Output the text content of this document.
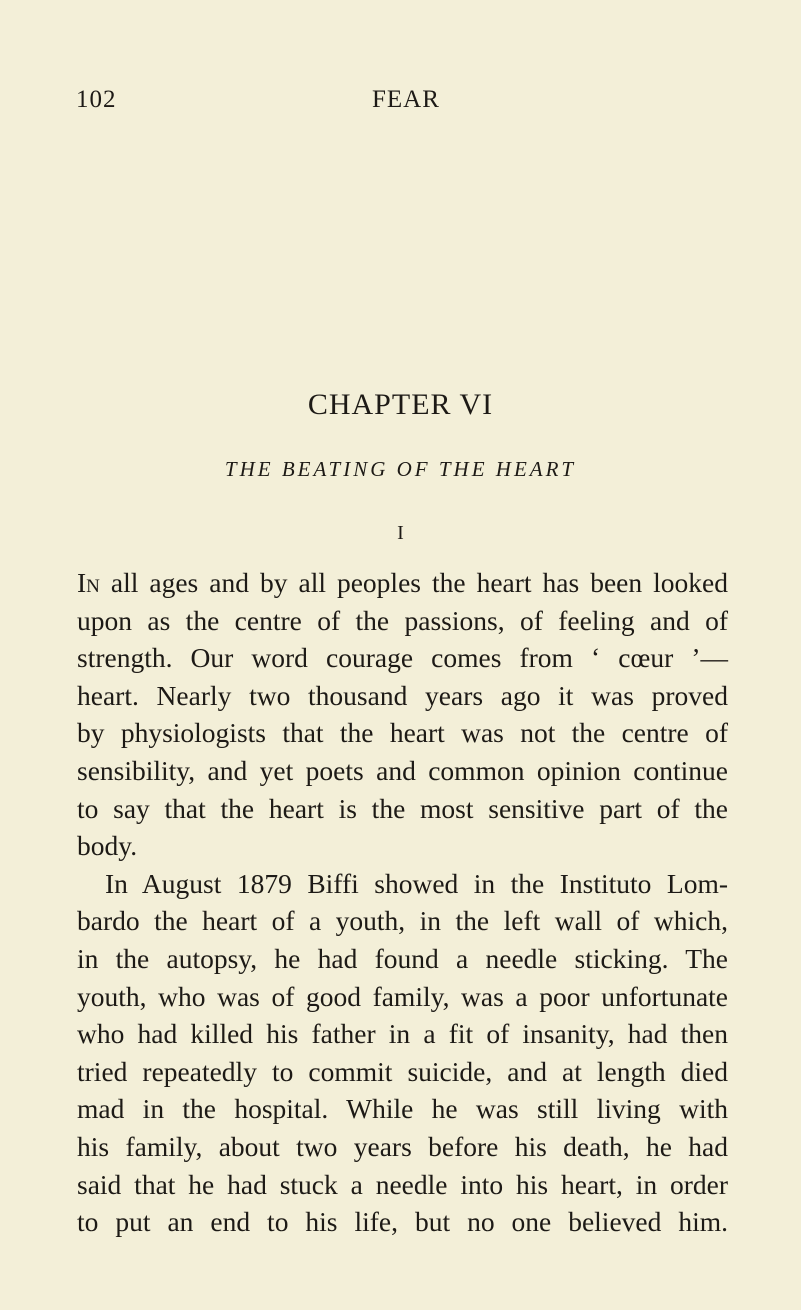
102	FEAR
CHAPTER VI
THE BEATING OF THE HEART
I

In all ages and by all peoples the heart has been looked
upon as the centre of the passions, of feeling and of
strength. Our word courage comes from ‘ cœur ’—
heart. Nearly two thousand years ago it was proved
by physiologists that the heart was not the centre of
sensibility, and yet poets and common opinion continue
to say that the heart is the most sensitive part of the
body.

In August 1879 Biffi showed in the Instituto Lom-
bardo the heart of a youth, in the left wall of which,
in the autopsy, he had found a needle sticking. The
youth, who was of good family, was a poor unfortunate
who had killed his father in a fit of insanity, had then
tried repeatedly to commit suicide, and at length died
mad in the hospital. While he was still living with
his family, about two years before his death, he had
said that he had stuck a needle into his heart, in order
to put an end to his life, but no one believed him.
